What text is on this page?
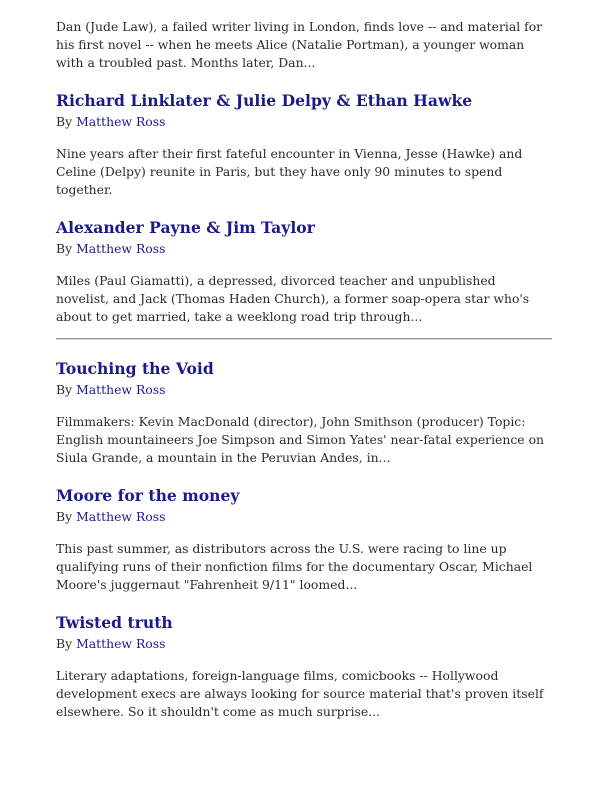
Dan (Jude Law), a failed writer living in London, finds love -- and material for his first novel -- when he meets Alice (Natalie Portman), a younger woman with a troubled past. Months later, Dan...

Richard Linklater & Julie Delpy & Ethan Hawke

By Matthew Ross

Nine years after their first fateful encounter in Vienna, Jesse (Hawke) and Celine (Delpy) reunite in Paris, but they have only 90 minutes to spend together.

Alexander Payne & Jim Taylor

By Matthew Ross

Miles (Paul Giamatti), a depressed, divorced teacher and unpublished novelist, and Jack (Thomas Haden Church), a former soap-opera star who's about to get married, take a weeklong road trip through...

Touching the Void

By Matthew Ross

Filmmakers: Kevin MacDonald (director), John Smithson (producer) Topic: English mountaineers Joe Simpson and Simon Yates' near-fatal experience on Siula Grande, a mountain in the Peruvian Andes, in...

Moore for the money

By Matthew Ross

This past summer, as distributors across the U.S. were racing to line up qualifying runs of their nonfiction films for the documentary Oscar, Michael Moore's juggernaut "Fahrenheit 9/11" loomed...

Twisted truth

By Matthew Ross

Literary adaptations, foreign-language films, comicbooks -- Hollywood development execs are always looking for source material that's proven itself elsewhere. So it shouldn't come as much surprise...
